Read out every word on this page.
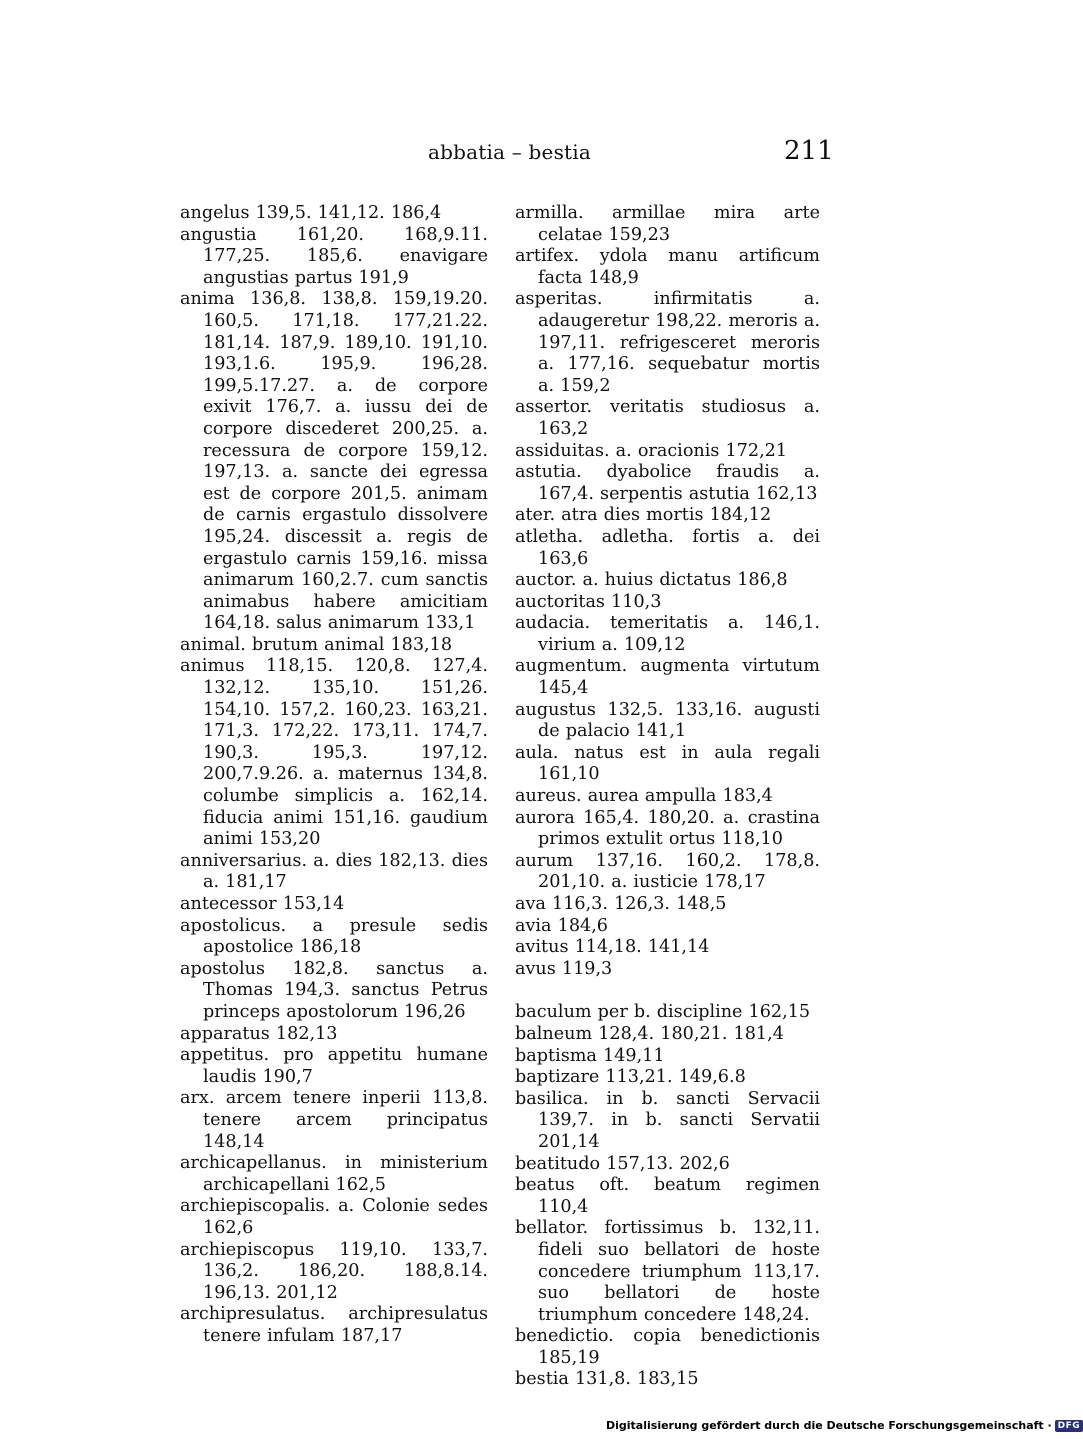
abbatia – bestia	211
angelus 139,5. 141,12. 186,4
angustia 161,20. 168,9.11. 177,25. 185,6. enavigare angustias partus 191,9
anima 136,8. 138,8. 159,19.20. 160,5. 171,18. 177,21.22. 181,14. 187,9. 189,10. 191,10. 193,1.6. 195,9. 196,28. 199,5.17.27. a. de corpore exivit 176,7. a. iussu dei de corpore discederet 200,25. a. recessura de corpore 159,12. 197,13. a. sancte dei egressa est de corpore 201,5. animam de carnis ergastulo dissolvere 195,24. discessit a. regis de ergastulo carnis 159,16. missa animarum 160,2.7. cum sanctis animabus habere amicitiam 164,18. salus animarum 133,1
animal. brutum animal 183,18
animus 118,15. 120,8. 127,4. 132,12. 135,10. 151,26. 154,10. 157,2. 160,23. 163,21. 171,3. 172,22. 173,11. 174,7. 190,3. 195,3. 197,12. 200,7.9.26. a. maternus 134,8. columbe simplicis a. 162,14. fiducia animi 151,16. gaudium animi 153,20
anniversarius. a. dies 182,13. dies a. 181,17
antecessor 153,14
apostolicus. a presule sedis apostolice 186,18
apostolus 182,8. sanctus a. Thomas 194,3. sanctus Petrus princeps apostolorum 196,26
apparatus 182,13
appetitus. pro appetitu humane laudis 190,7
arx. arcem tenere inperii 113,8. tenere arcem principatus 148,14
archicapellanus. in ministerium archicapellani 162,5
archiepiscopalis. a. Colonie sedes 162,6
archiepiscopus 119,10. 133,7. 136,2. 186,20. 188,8.14. 196,13. 201,12
archipresulatus. archipresulatus tenere infulam 187,17
armilla. armillae mira arte celatae 159,23
artifex. ydola manu artificum facta 148,9
asperitas. infirmitatis a. adaugeretur 198,22. meroris a. 197,11. refrigesceret meroris a. 177,16. sequebatur mortis a. 159,2
assertor. veritatis studiosus a. 163,2
assiduitas. a. oracionis 172,21
astutia. dyabolice fraudis a. 167,4. serpentis astutia 162,13
ater. atra dies mortis 184,12
atletha. adletha. fortis a. dei 163,6
auctor. a. huius dictatus 186,8
auctoritas 110,3
audacia. temeritatis a. 146,1. virium a. 109,12
augmentum. augmenta virtutum 145,4
augustus 132,5. 133,16. augusti de palacio 141,1
aula. natus est in aula regali 161,10
aureus. aurea ampulla 183,4
aurora 165,4. 180,20. a. crastina primos extulit ortus 118,10
aurum 137,16. 160,2. 178,8. 201,10. a. iusticie 178,17
ava 116,3. 126,3. 148,5
avia 184,6
avitus 114,18. 141,14
avus 119,3
baculum per b. discipline 162,15
balneum 128,4. 180,21. 181,4
baptisma 149,11
baptizare 113,21. 149,6.8
basilica. in b. sancti Servacii 139,7. in b. sancti Servatii 201,14
beatitudo 157,13. 202,6
beatus oft. beatum regimen 110,4
bellator. fortissimus b. 132,11. fideli suo bellatori de hoste concedere triumphum 113,17. suo bellatori de hoste triumphum concedere 148,24.
benedictio. copia benedictionis 185,19
bestia 131,8. 183,15
Digitalisierung gefördert durch die Deutsche Forschungsgemeinschaft · DFG
